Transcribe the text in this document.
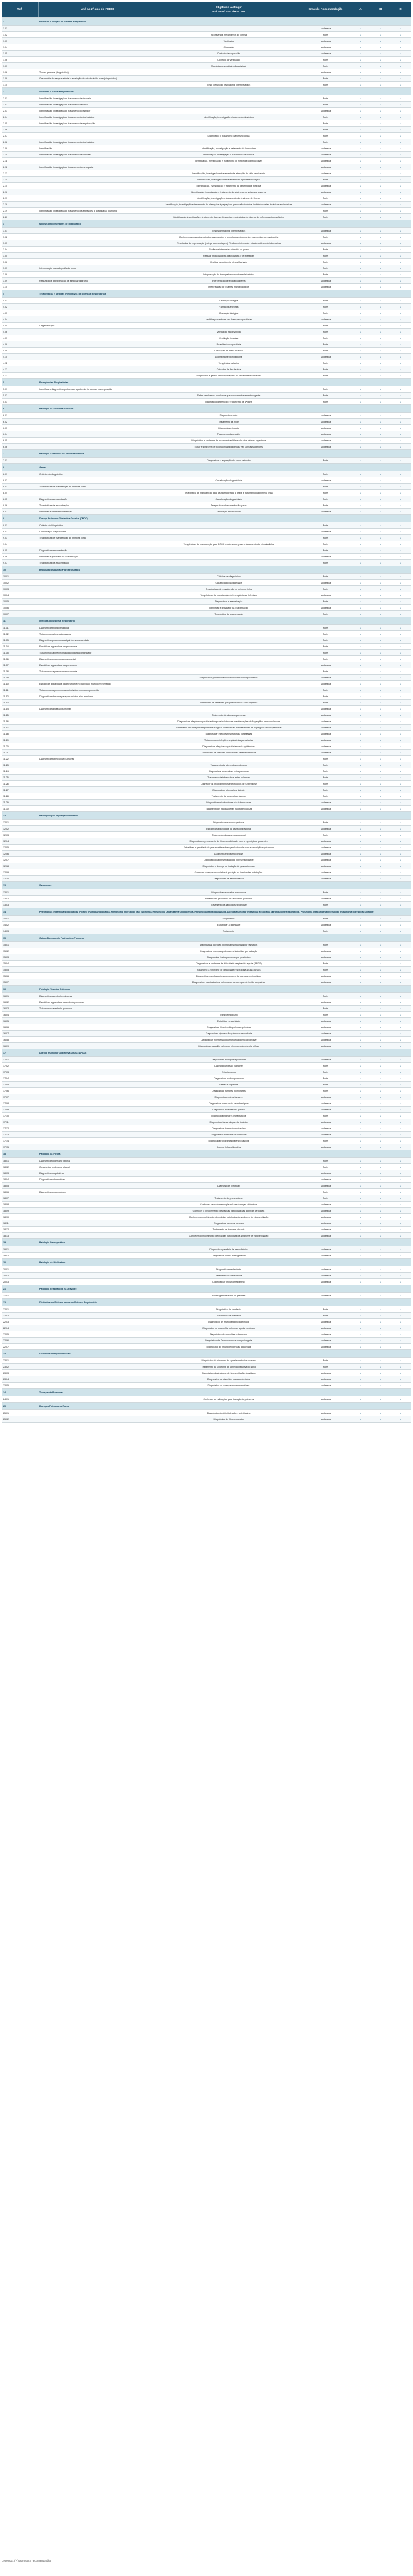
Ref.	Até ao 2º ano de FCEM	Objetivos a atingir
Até ao 5º ano de FCEM	Grau de Recomendação	A	B1	C
1	Estrutura e Função do Sistema Respiratório					
1.01			Moderada	✓	✓	✓
1.02		Inconstância mecanismos de defesa	Forte	✓	✓	✓
1.03		Ventilação	Moderada	✓	✓	✓
1.04		Circulação	Moderada	✓	✓	✓
1.05		Controlo da respiração	Moderada	✓	✓	✓
1.06		Controlo da ventilação	Forte	✓	✓	✓
1.07		Mecânica respiratória (diagnóstica)	Forte	✓	✓	✓
1.08	Trocas gasosas (diagnóstico)		Moderada	✓	✓	✓
1.09	Gasometria do sangue arterial e avaliação do estado ácido-base (diagnóstico)		Forte	✓	✓	✓
1.10		Teste de função respiratória (interpretação)	Forte	✓	✓	✓
2	Sintomas e Sinais Respiratórios					
2.01	Identificação, investigação e tratamento da dispneia		Forte	✓	✓	✓
2.02	Identificação, investigação e tratamento da tosse		Forte	✓	✓	✓
2.03	Identificação, investigação e tratamento do estridor		Moderada	✓	✓	✓
2.04	Identificação, investigação e tratamento da dor torácica	Identificação, investigação e tratamento da síbilos	Forte	✓	✓	✓
2.05	Identificação, investigação e tratamento da expetoração		Forte	✓	✓	✓
2.06			Forte	✓	✓	✓
2.07		Diagnóstico e tratamento da tosse crónica	Forte	✓	✓	✓
2.08	Identificação, investigação e tratamento da dor torácica		Forte	✓	✓	✓
2.09	Identificação	Identificação, investigação e tratamento da hemoptise	Moderada	✓	✓	✓
2.10	Identificação, investigação e tratamento da cianose	Identificação, investigação e tratamento da cianose	Moderada	✓	✓	✓
2.11		Identificação, investigação e tratamento de sintomas constitucionais	Moderada	✓	✓	✓
2.12	Identificação, investigação e tratamento da roncopatia		Moderada	✓	✓	✓
2.13		Identificação, investigação e tratamento da alteração do ciclo respiratório	Moderada	✓	✓	✓
2.14		Identificação, investigação e tratamento do hipocratismo digital	Forte	✓	✓	✓
2.15		Identificação, investigação e tratamento da deformidade torácica	Moderada	✓	✓	✓
2.16		Identificação, investigação e tratamento da síndrome da veia cava superior	Moderada	✓	✓	✓
2.17		Identificação, investigação e tratamento da síndrome de Horner	Forte	✓	✓	✓
2.18		Identificação, investigação e tratamento de alterações à palpação e percussão torácica, incluindo réstias torácicas assimétricas	Moderada	✓	✓	✓
2.19	Identificação, investigação e tratamento da alterações à auscultação pulmonar		Forte	✓	✓	✓
2.20		Identificação, investigação e tratamento das manifestações respiratórias de doença do refluxo gastro-esofágico	Forte	✓	✓	✓
3	Meios Complementares de Diagnóstico					
3.01		Testes de marcha (interpretação)	Moderada	✓	✓	✓
3.02		Conhecer os requisitos exibidos assegurados e tecnologias, decorrentes para a doença respiratória	Forte	✓	✓	✓
3.03		Resultados da expetoração (estirpe ou recrutagem) Realizar e interpretar o teste cutâneo de tuberculina	Moderada	✓	✓	✓
3.04		Realizar e interpretar oximetria de pulso	Forte	✓	✓	✓
3.05		Realizar broncoscopias diagnósticas e terapêuticas	Forte	✓	✓	✓
3.06		Realizar uma biopsia pleural fechada	Forte	✓	✓	✓
3.07	Interpretação da radiografia do tórax		Forte	✓	✓	✓
3.08		Interpretação da tomografia computorizada torácica	Forte	✓	✓	✓
3.09	Realização e interpretação de eletrocardiograma	Interpretação de ecocardiograma	Moderada	✓	✓	✓
3.10		Interpretação de exames microbiológicos	Moderada	✓	✓	✓
4	Terapêuticas e Medidas Preventivas de Doenças Respiratórias					
4.01		Cessação tabágica	Forte	✓	✓	✓
4.02		Fármacos antivirais	Forte	✓	✓	✓
4.03		Cessação tabágica	Forte	✓	✓	✓
4.04		Medidas preventivas em doenças respiratórias	Moderada	✓	✓	✓
4.05	Oxigenoterapia		Forte	✓	✓	✓
4.06		Ventilação não invasiva	Forte	✓	✓	✓
4.07		Ventilação invasiva	Forte	✓	✓	✓
4.08		Reabilitação respiratória	Forte	✓	✓	✓
4.09		Colocação de dreno torácico	Forte	✓	✓	✓
4.10		Aconselhamento nutricional	Moderada	✓	✓	✓
4.11		Terapêutica paliativa	Forte	✓	✓	✓
4.12		Cuidados de fim de vida	Forte	✓	✓	✓
4.13		Diagnóstico e gestão de complicações do procedimento invasivo	Forte	✓	✓	✓
5	Emergências Respiratórias					
5.01	Identificar e diagnosticar problemas agudos da via aérea e da respiração		Forte	✓	✓	✓
5.02		Saber resolver os problemas que requerem tratamento urgente	Forte	✓	✓	✓
5.03		Diagnóstico diferencial e tratamento de 1ª linha	Forte	✓	✓	✓
6	Patologia da Via Aérea Superior					
6.01		Diagnosticar rinite	Moderada	✓	✓	✓
6.02		Tratamento da rinite	Moderada	✓	✓	✓
6.03		Diagnosticar sinusite	Moderada	✓	✓	✓
6.04		Tratamento da sinusite	Moderada	✓	✓	✓
6.05		Diagnóstico e síndrome de inconcomitabilidade das vias aéreas superiores	Moderada	✓	✓	✓
6.06		Tratar a síndrome de inconcomitabilidade das vias aéreas superiores	Moderada	✓	✓	✓
7	Patologia Anatómica da Via Aérea Inferior					
7.01		Diagnosticar a aspiração de corpo estranho	Forte	✓	✓	✓
8	Asma					
8.01	Critérios de diagnóstico		Forte	✓	✓	✓
8.02		Classificação da gravidade	Moderada	✓	✓	✓
8.03	Terapêuticas de manutenção de primeira linha		Forte	✓	✓	✓
8.04		Terapêutica de manutenção para asma moderada a grave e tratamento da primeira linha	Forte	✓	✓	✓
8.05	Diagnosticar a exacerbação	Classificação da gravidade	Forte	✓	✓	✓
8.06	Terapêuticas da exacerbação	Terapêuticas de exacerbação grave	Forte	✓	✓	✓
8.07	Identificar e tratar a exacerbação	Ventilação não invasiva	Moderada	✓	✓	✓
9	Doença Pulmonar Obstrutiva Crónica (DPOC)					
9.01	Critérios do Diagnóstico		Forte	✓	✓	✓
9.02	Classificação da gravidade		Moderada	✓	✓	✓
9.03	Terapêuticas de manutenção de primeira linha		Forte	✓	✓	✓
9.04		Terapêuticas de manutenção para DPOC moderada a grave e tratamento da primeira linha	Forte	✓	✓	✓
9.05	Diagnosticar a exacerbação		Forte	✓	✓	✓
9.06	Identificar e gravidade da exacerbação		Moderada	✓	✓	✓
9.07	Terapêuticas da exacerbação		Forte	✓	✓	✓
10	Bronquiectasias Não Fibrose Quística					
10.01		Critérios de diagnóstico	Forte	✓	✓	✓
10.02		Classificação da gravidade	Moderada	✓	✓	✓
10.03		Terapêuticas de manutenção de primeira linha	Forte	✓	✓	✓
10.04		Terapêuticas de manutenção da bronquiectasia Infectada	Moderada	✓	✓	✓
10.05		Diagnosticar a exacerbação	Forte	✓	✓	✓
10.06		Identificar e gravidade da exacerbação	Moderada	✓	✓	✓
10.07		Terapêutica da exacerbação	Forte	✓	✓	✓
11	Infeções do Sistema Respiratório					
11.01	Diagnosticar bronquite aguda		Forte	✓	✓	✓
11.02	Tratamento da bronquite aguda		Forte	✓	✓	✓
11.03	Diagnosticar pneumonia adquirida na comunidade		Forte	✓	✓	✓
11.04	Estratificar a gravidade da pneumonia		Forte	✓	✓	✓
11.05	Tratamento da pneumonia adquirida na comunidade		Forte	✓	✓	✓
11.06	Diagnosticar pneumonia nosocomial		Forte	✓	✓	✓
11.07	Estratificar a gravidade da pneumonia		Moderada	✓	✓	✓
11.08	Tratamento da pneumonia nosocomial		Forte	✓	✓	✓
11.09		Diagnosticar pneumonia no indivíduo imunocomprometido	Moderada	✓	✓	✓
11.10	Estratificar a gravidade da pneumonia no indivíduo imunocomprometido		Moderada	✓	✓	✓
11.11	Tratamento da pneumonia no indivíduo imunocomprometido		Forte	✓	✓	✓
11.12	Diagnosticar derrame parapneumónico e/ou empiema		Forte	✓	✓	✓
11.13		Tratamento de derrames parapneumónicos e/ou empiema	Forte	✓	✓	✓
11.14	Diagnosticar abcesso pulmonar		Moderada	✓	✓	✓
11.15		Tratamento do abcesso pulmonar	Moderada	✓	✓	✓
11.16		Diagnosticar infeções respiratórias fúngicas incluindo as manifestações de Aspergillus broncopulmonar	Moderada	✓	✓	✓
11.17		Tratamento das infeções respiratórias fúngicas incluindo as manifestações de Aspergillus broncopulmonar	Moderada	✓	✓	✓
11.18		Diagnosticar infeções respiratórias parasitárias	Moderada	✓	✓	✓
11.19		Tratamento de infeções respiratórias parasitárias	Moderada	✓	✓	✓
11.20		Diagnosticar infeções respiratórias virais epidémicas	Moderada	✓	✓	✓
11.21		Tratamento de infeções respiratórias virais epidémicas	Moderada	✓	✓	✓
11.22	Diagnosticar tuberculose pulmonar		Forte	✓	✓	✓
11.23		Tratamento da tuberculose pulmonar	Forte	✓	✓	✓
11.24		Diagnosticar tuberculose extra pulmonar	Forte	✓	✓	✓
11.25		Tratamento da tuberculose extra pulmonar	Forte	✓	✓	✓
11.26		Conhecer os procedimentos e protocolos de tuberculose	Forte	✓	✓	✓
11.27		Diagnosticar tuberculose latente	Forte	✓	✓	✓
11.28		Tratamento da tuberculose latente	Forte	✓	✓	✓
11.29		Diagnosticar micobactérias não tuberculosas	Moderada	✓	✓	✓
11.30		Tratamento de micobactérias não tuberculosas	Moderada	✓	✓	✓
12	Patologias por Exposição Ambiental					
12.01		Diagnosticar asma ocupacional	Forte	✓	✓	✓
12.02		Estratificar a gravidade da asma ocupacional	Moderada	✓	✓	✓
12.03		Tratamento da asma ocupacional	Forte	✓	✓	✓
12.04		Diagnosticar a pneumonite de hipersensibilidade com a exposição a poluentes	Moderada	✓	✓	✓
12.05		Estratificar a gravidade da pneumonite e doença relacionada com a exposição a poluentes	Moderada	✓	✓	✓
12.06		Diagnosticar pneumoconiose	Moderada	✓	✓	✓
12.07		Diagnóstico da preservação da hipersensibilidade	Moderada	✓	✓	✓
12.08		Diagnóstico e doença de inalação de gás ou toxinas	Moderada	✓	✓	✓
12.09		Conhecer doenças associadas à poluição no interior das habitações	Moderada	✓	✓	✓
12.10		Diagnosticar de sensibilização	Moderada	✓	✓	✓
13	Sarcoidose					
13.01		Diagnosticar e estadiar sarcoidose	Forte	✓	✓	✓
13.02		Estratificar a gravidade da sarcoidose pulmonar	Moderada	✓	✓	✓
13.03		Tratamento da sarcoidose pulmonar	Forte	✓	✓	✓
14	Pneumonias Intersticiais Idiopáticas (Fibrose Pulmonar Idiopática, Pneumonia Intersticial Não Específica, Pneumonia Organizativa Criptogénica, Pneumonia Intersticial Aguda, Doença Pulmonar Intersticial associada à Bronquiolite Respiratória, Pneumonia Descamativa Intersticial, Pneumonia Intersticial Linfóide)					
14.01		Diagnóstico	Forte	✓	✓	✓
14.02		Estratificar a gravidade	Moderada	✓	✓	✓
14.03		Tratamento	Forte	✓	✓	✓
15	Outras Doenças do Parênquima Pulmonar					
15.01		Diagnosticar doenças pulmonares induzidas por fármacos	Forte	✓	✓	✓
15.02		Diagnosticar doenças pulmonares induzidas por radiação	Moderada	✓	✓	✓
15.03		Diagnosticar lesão pulmonar por gás tóxico	Moderada	✓	✓	✓
15.04		Diagnosticar a síndrome de dificuldade respiratória aguda (ARDS)	Forte	✓	✓	✓
15.05		Tratamento a síndrome de dificuldade respiratória aguda (ARDS)	Forte	✓	✓	✓
15.06		Diagnosticar manifestações pulmonares de doenças eosinofílicas	Moderada	✓	✓	✓
15.07		Diagnosticar manifestações pulmonares de doenças do tecido conjuntivo	Moderada	✓	✓	✓
16	Patologia Vascular Pulmonar					
16.01	Diagnosticar a embolia pulmonar		Forte	✓	✓	✓
16.02	Estratificar a gravidade da embolia pulmonar		Moderada	✓	✓	✓
16.03	Tratamento da embolia pulmonar		Forte	✓	✓	✓
16.04		Tromboembolismo	Forte	✓	✓	✓
16.05		Estratificar a gravidade	Moderada	✓	✓	✓
16.06		Diagnosticar hipertensão pulmonar primária	Moderada	✓	✓	✓
16.07		Diagnosticar hipertensão pulmonar secundária	Moderada	✓	✓	✓
16.08		Diagnosticar hipertensão pulmonar da doença pulmonar	Moderada	✓	✓	✓
16.09		Diagnosticar vasculite pulmonar e hemorragia alveolar difusa	Moderada	✓	✓	✓
17	Doença Pulmonar Obstrutiva Difusa (DPOD)					
17.01		Diagnosticar metaplasia pulmonar	Moderada	✓	✓	✓
17.02		Diagnosticar lesão pulmonar	Forte	✓	✓	✓
17.03		Estadiamento	Forte	✓	✓	✓
17.04		Diagnosticar nódulo pulmonar	Forte	✓	✓	✓
17.05		Gestão e vigilância	Forte	✓	✓	✓
17.06		Diagnosticar tumores pulmonares	Forte	✓	✓	✓
17.07		Diagnosticar outros tumores	Moderada	✓	✓	✓
17.08		Diagnosticar tumor mais raros benignos	Moderada	✓	✓	✓
17.09		Diagnóstico mesotelioma pleural	Moderada	✓	✓	✓
17.10		Diagnosticar tumores metastáticos	Forte	✓	✓	✓
17.11		Diagnosticar tumor da parede torácica	Moderada	✓	✓	✓
17.12		Diagnosticar tumor do mediastino	Moderada	✓	✓	✓
17.13		Diagnosticar síndrome de Pancoast	Moderada	✓	✓	✓
17.14		Diagnosticar síndromes paraneoplásicos	Forte	✓	✓	✓
17.15		Doença linfoproliferativa	Moderada	✓	✓	✓
18	Patologia da Pleura					
18.01	Diagnosticar o derrame pleural		Forte	✓	✓	✓
18.02	Caracterizar o derrame pleural		Forte	✓	✓	✓
18.03	Diagnosticar o quilotórax		Moderada	✓	✓	✓
18.04	Diagnosticar o hemotórax		Moderada	✓	✓	✓
18.05		Diagnosticar fibrotórax	Moderada	✓	✓	✓
18.06	Diagnosticar pneumotórax		Forte	✓	✓	✓
18.07		Tratamento do pneumotórax	Forte	✓	✓	✓
18.08		Conhecer o envolvimento pleural nas doenças sistémicas	Moderada	✓	✓	✓
18.09		Conhecer o envolvimento pleural nas patologias das doenças cardíacas	Moderada	✓	✓	✓
18.10		Conhecer o envolvimento pleural das patologias da síndrome de hipoventilação	Moderada	✓	✓	✓
18.11		Diagnosticar tumores pleurais	Moderada	✓	✓	✓
18.12		Tratamento de tumores pleurais	Moderada	✓	✓	✓
18.13		Conhecer o envolvimento pleural das patologias da síndrome de hipoventilação	Moderada	✓	✓	✓
19	Patologia Diafragmática					
19.01		Diagnosticar paralisia de nervo frénico	Moderada	✓	✓	✓
19.02		Diagnosticar hérnia diafragmática	Moderada	✓	✓	✓
20	Patologia do Mediastino					
20.01		Diagnosticar mediastinite	Moderada	✓	✓	✓
20.02		Tratamento da mediastinite	Moderada	✓	✓	✓
20.03		Diagnosticar pneumomediastino	Moderada	✓	✓	✓
21	Patologia Respiratória na Gravidez					
21.01		Abordagem da asma na gravidez	Moderada	✓	✓	✓
22	Distúrbios do Sistema Imune no Sistema Respiratório					
22.01		Diagnóstico da Anafilaxia	Forte	✓	✓	✓
22.02		Tratamento da anafilaxia	Forte	✓	✓	✓
22.03		Diagnóstico de imunodeficiência primária	Moderada	✓	✓	✓
22.04		Diagnóstico de eosinofilia pulmonar aguda e crónica	Moderada	✓	✓	✓
22.05		Diagnóstico de vasculites pulmonares	Moderada	✓	✓	✓
22.06		Diagnóstico da Granulomatose com poliangeite	Moderada	✓	✓	✓
22.07		Diagnóstico de imunodeficiências adquiridas	Moderada	✓	✓	✓
23	Distúrbios da Hipoventilação					
23.01		Diagnóstico da síndrome de apneia obstrutiva do sono	Forte	✓	✓	✓
23.02		Tratamento da síndrome de apneia obstrutiva do sono	Forte	✓	✓	✓
23.03		Diagnóstico da síndrome de hipoventilação obesidade	Moderada	✓	✓	✓
23.04		Diagnóstico de distúrbios da caixa torácica	Moderada	✓	✓	✓
23.05		Diagnóstico de doenças neuromusculares	Moderada	✓	✓	✓
24	Transplante Pulmonar					
24.01		Conhecer as indicações para transplante pulmonar	Moderada	✓	✓	✓
25	Doenças Pulmonares Raras					
25.01		Diagnóstico do déficit de alfa-1 anti-tripsina	Moderada	✓	✓	✓
25.02		Diagnóstico de fibrose quística	Moderada	✓	✓	✓
Legenda: (✓) aprovar a recomendação
